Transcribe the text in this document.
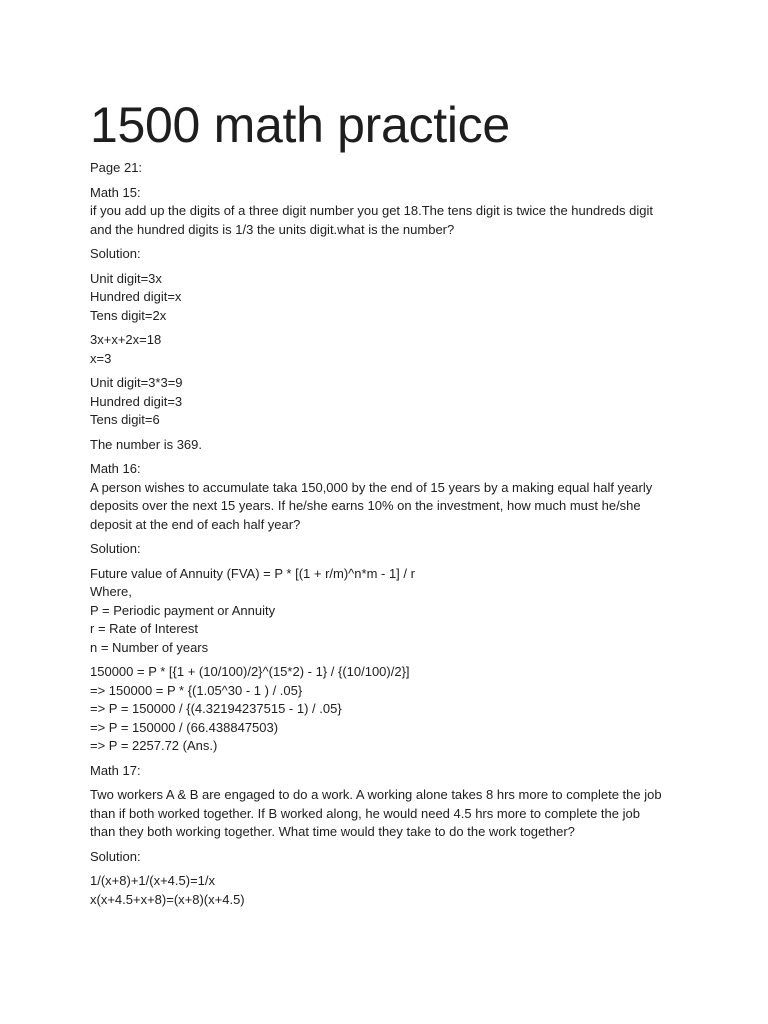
1500 math practice
Page 21:
Math 15:
if you add up the digits of a three digit number you get 18.The tens digit is twice the hundreds digit
and the hundred digits is 1/3 the units digit.what is the number?
Solution:
Unit digit=3x
Hundred digit=x
Tens digit=2x
3x+x+2x=18
x=3
Unit digit=3*3=9
Hundred digit=3
Tens digit=6
The number is 369.
Math 16:
A person wishes to accumulate taka 150,000 by the end of 15 years by a making equal half yearly
deposits over the next 15 years. If he/she earns 10% on the investment, how much must he/she
deposit at the end of each half year?
Solution:
Future value of Annuity (FVA) = P * [(1 + r/m)^n*m - 1] / r
Where,
P = Periodic payment or Annuity
r = Rate of Interest
n = Number of years
150000 = P * [{1 + (10/100)/2}^(15*2) - 1} / {(10/100)/2}]
=> 150000 = P * {(1.05^30 - 1 ) / .05}
=> P = 150000 / {(4.32194237515 - 1) / .05}
=> P = 150000 / (66.438847503)
=> P = 2257.72 (Ans.)
Math 17:
Two workers A & B are engaged to do a work. A working alone takes 8 hrs more to complete the job
than if both worked together. If B worked along, he would need 4.5 hrs more to complete the job
than they both working together. What time would they take to do the work together?
Solution:
1/(x+8)+1/(x+4.5)=1/x
x(x+4.5+x+8)=(x+8)(x+4.5)
